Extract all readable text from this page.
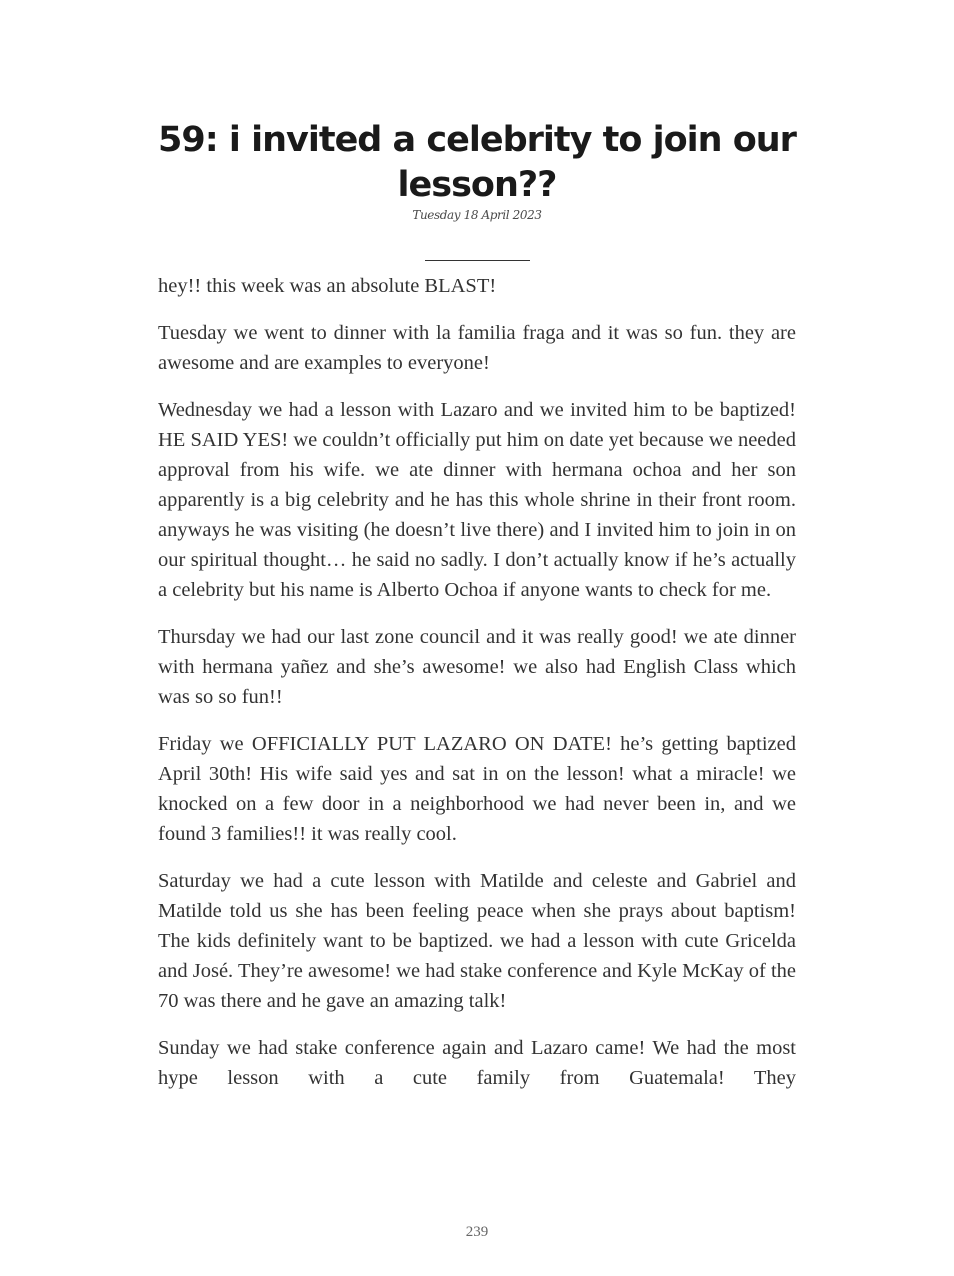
59: i invited a celebrity to join our lesson??
Tuesday 18 April 2023

hey!! this week was an absolute BLAST!

Tuesday we went to dinner with la familia fraga and it was so fun. they are awesome and are examples to everyone!

Wednesday we had a lesson with Lazaro and we invited him to be baptized! HE SAID YES! we couldn’t officially put him on date yet because we needed approval from his wife. we ate dinner with hermana ochoa and her son apparently is a big celebrity and he has this whole shrine in their front room. anyways he was visiting (he doesn’t live there) and I invited him to join in on our spiritual thought… he said no sadly. I don’t actually know if he’s actually a celebrity but his name is Alberto Ochoa if anyone wants to check for me.

Thursday we had our last zone council and it was really good! we ate dinner with hermana yañez and she’s awesome! we also had English Class which was so so fun!!

Friday we OFFICIALLY PUT LAZARO ON DATE! he’s getting baptized April 30th! His wife said yes and sat in on the lesson! what a miracle! we knocked on a few door in a neighborhood we had never been in, and we found 3 families!! it was really cool.

Saturday we had a cute lesson with Matilde and celeste and Gabriel and Matilde told us she has been feeling peace when she prays about baptism! The kids definitely want to be baptized. we had a lesson with cute Gricelda and José. They’re awesome! we had stake conference and Kyle McKay of the 70 was there and he gave an amazing talk!

Sunday we had stake conference again and Lazaro came! We had the most hype lesson with a cute family from Guatemala! They

239
